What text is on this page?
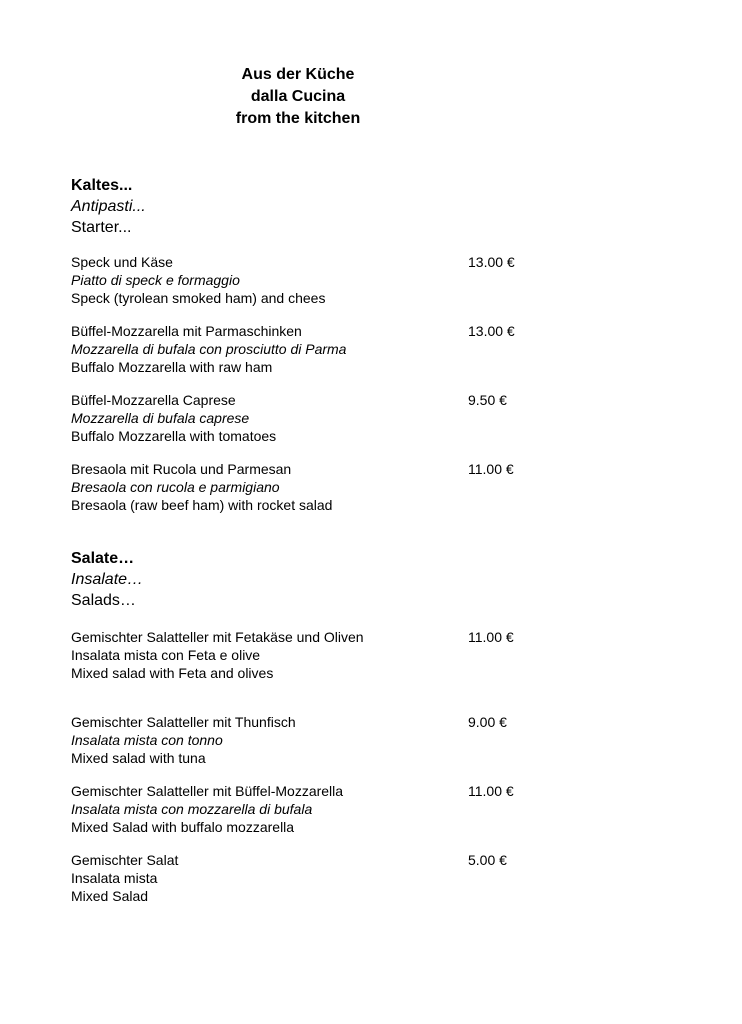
Aus der Küche
dalla Cucina
from the kitchen
Kaltes...
Antipasti...
Starter...
Speck und Käse
Piatto di speck e formaggio
Speck (tyrolean smoked ham) and chees
13.00 €
Büffel-Mozzarella mit Parmaschinken
Mozzarella di bufala con prosciutto di Parma
Buffalo Mozzarella with raw ham
13.00 €
Büffel-Mozzarella Caprese
Mozzarella di bufala caprese
Buffalo Mozzarella with tomatoes
9.50 €
Bresaola mit Rucola und Parmesan
Bresaola con rucola e parmigiano
Bresaola (raw beef ham) with rocket salad
11.00 €
Salate…
Insalate…
Salads…
Gemischter Salatteller mit Fetakäse und Oliven
Insalata mista con Feta e olive
Mixed salad with Feta and olives
11.00 €
Gemischter Salatteller mit Thunfisch
Insalata mista con tonno
Mixed salad with tuna
9.00 €
Gemischter Salatteller mit Büffel-Mozzarella
Insalata mista con mozzarella di bufala
Mixed Salad with buffalo mozzarella
11.00 €
Gemischter Salat
Insalata mista
Mixed Salad
5.00 €
